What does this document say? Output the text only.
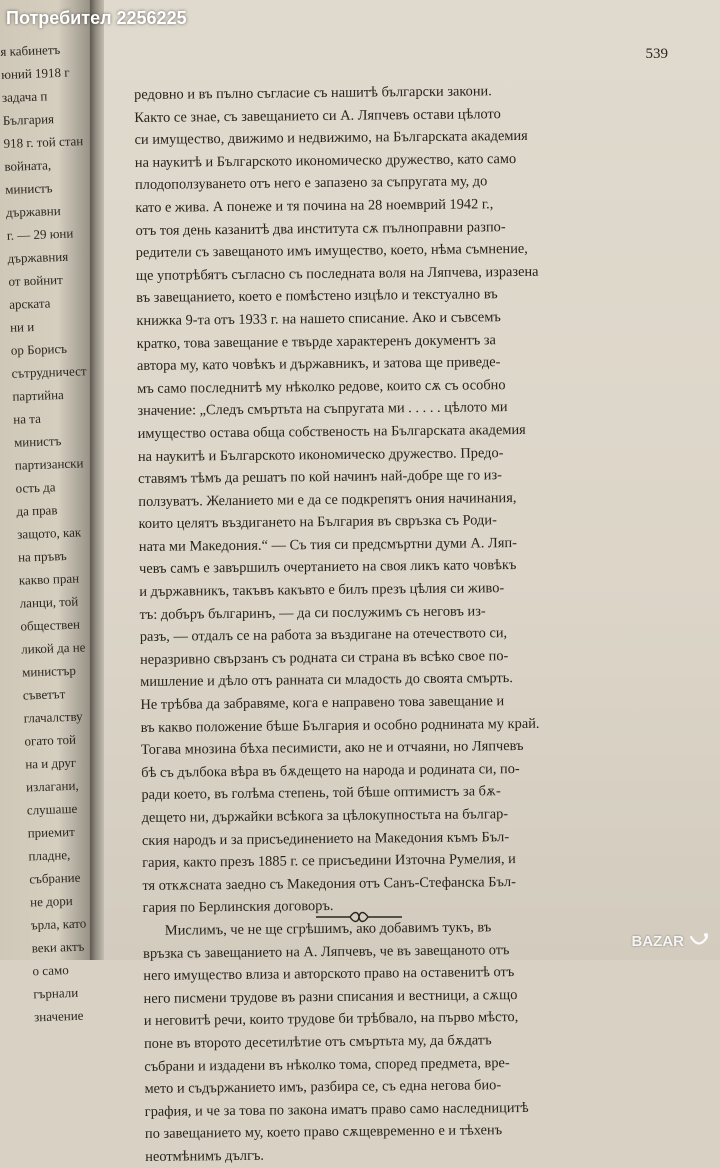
я кабинетъ
юний 1918 г
задача п
България
918 г. той стан
войната,
министъ
държавни
г. — 29 юни
държавния
от войнит
арската
ни и
ор Борисъ
сътрудничест
партийна
на та
министъ
партизански
ость да
да прав
защото, как
на пръвъ
какво пран
ланци, той
обществен
ликой да не
министър
съветът
глачалству
огато той
на и друг
излагани,
слушаше
приемит
пладне,
събрание
не дори
ърла, като
веки актъ
о само
гърнали
значение
539
редовно и въ пълно съгласие съ нашитѣ български закони.
Както се знае, съ завещанието си А. Ляпчевъ остави цѣлото
си имущество, движимо и недвижимо, на Българската академия
на наукитѣ и Българското икономическо дружество, като само
плодоползуването отъ него е запазено за съпругата му, до
като е жива. А понеже и тя почина на 28 ноемврий 1942 г.,
отъ тоя день казанитѣ два института сѫ пълноправни разпо-
редители съ завещаното имъ имущество, което, нѣма съмнение,
ще употрѣбятъ съгласно съ последната воля на Ляпчева, изразена
въ завещанието, което е помѣстено изцѣло и текстуално въ
книжка 9-та отъ 1933 г. на нашето списание. Ако и съвсемъ
кратко, това завещание е твърде характеренъ документъ за
автора му, като човѣкъ и държавникъ, и затова ще приведе-
мъ само последнитѣ му нѣколко редове, които сѫ съ особно
значение: „Следъ смъртьта на съпругата ми . . . . . цѣлото ми
имущество остава обща собственость на Българската академия
на наукитѣ и Българското икономическо дружество. Предо-
ставямъ тѣмъ да решатъ по кой начинъ най-добре ще го из-
ползуватъ. Желанието ми е да се подкрепятъ ония начинания,
които целятъ въздигането на България въ свръзка съ Роди-
ната ми Македония.“ — Съ тия си предсмъртни думи А. Ляп-
чевъ самъ е завършилъ очертанието на своя ликъ като човѣкъ
и държавникъ, такъвъ какъвто е билъ презъ цѣлия си живо-
тъ: добъръ българинъ, — да си послужимъ съ неговъ из-
разъ, — отдалъ се на работа за въздигане на отечеството си,
неразривно свързанъ съ родната си страна въ всѣко свое по-
мишление и дѣло отъ ранната си младость до своята смърть.
Не трѣбва да забравяме, кога е направено това завещание и
въ какво положение бѣше България и особно роднината му край.
Тогава мнозина бѣха песимисти, ако не и отчаяни, но Ляпчевъ
бѣ съ дълбока вѣра въ бѫдещето на народа и родината си, по-
ради което, въ голѣма степень, той бѣше оптимистъ за бѫ-
дещето ни, държайки всѣкога за цѣлокупностьта на българ-
ския народъ и за присъединението на Македония къмъ Бъл-
гария, както презъ 1885 г. се присъедини Източна Румелия, и
тя откѫсната заедно съ Македония отъ Санъ-Стефанска Бъл-
гария по Берлинския договоръ.
Мислимъ, че не ще сгрѣшимъ, ако добавимъ тукъ, въ
връзка съ завещанието на А. Ляпчевъ, че въ завещаното отъ
него имущество влиза и авторското право на оставенитѣ отъ
него писмени трудове въ разни списания и вестници, а сѫщо
и неговитѣ речи, които трудове би трѣбвало, на първо мѣсто,
поне въ второто десетилѣтие отъ смъртьта му, да бѫдатъ
събрани и издадени въ нѣколко тома, според предмета, вре-
мето и съдържанието имъ, разбира се, съ една негова био-
графия, и че за това по закона иматъ право само наследницитѣ
по завещанието му, което право сѫщевременно е и тѣхенъ
неотмѣнимъ дългъ.
Потребител 2256225
BAZAR
